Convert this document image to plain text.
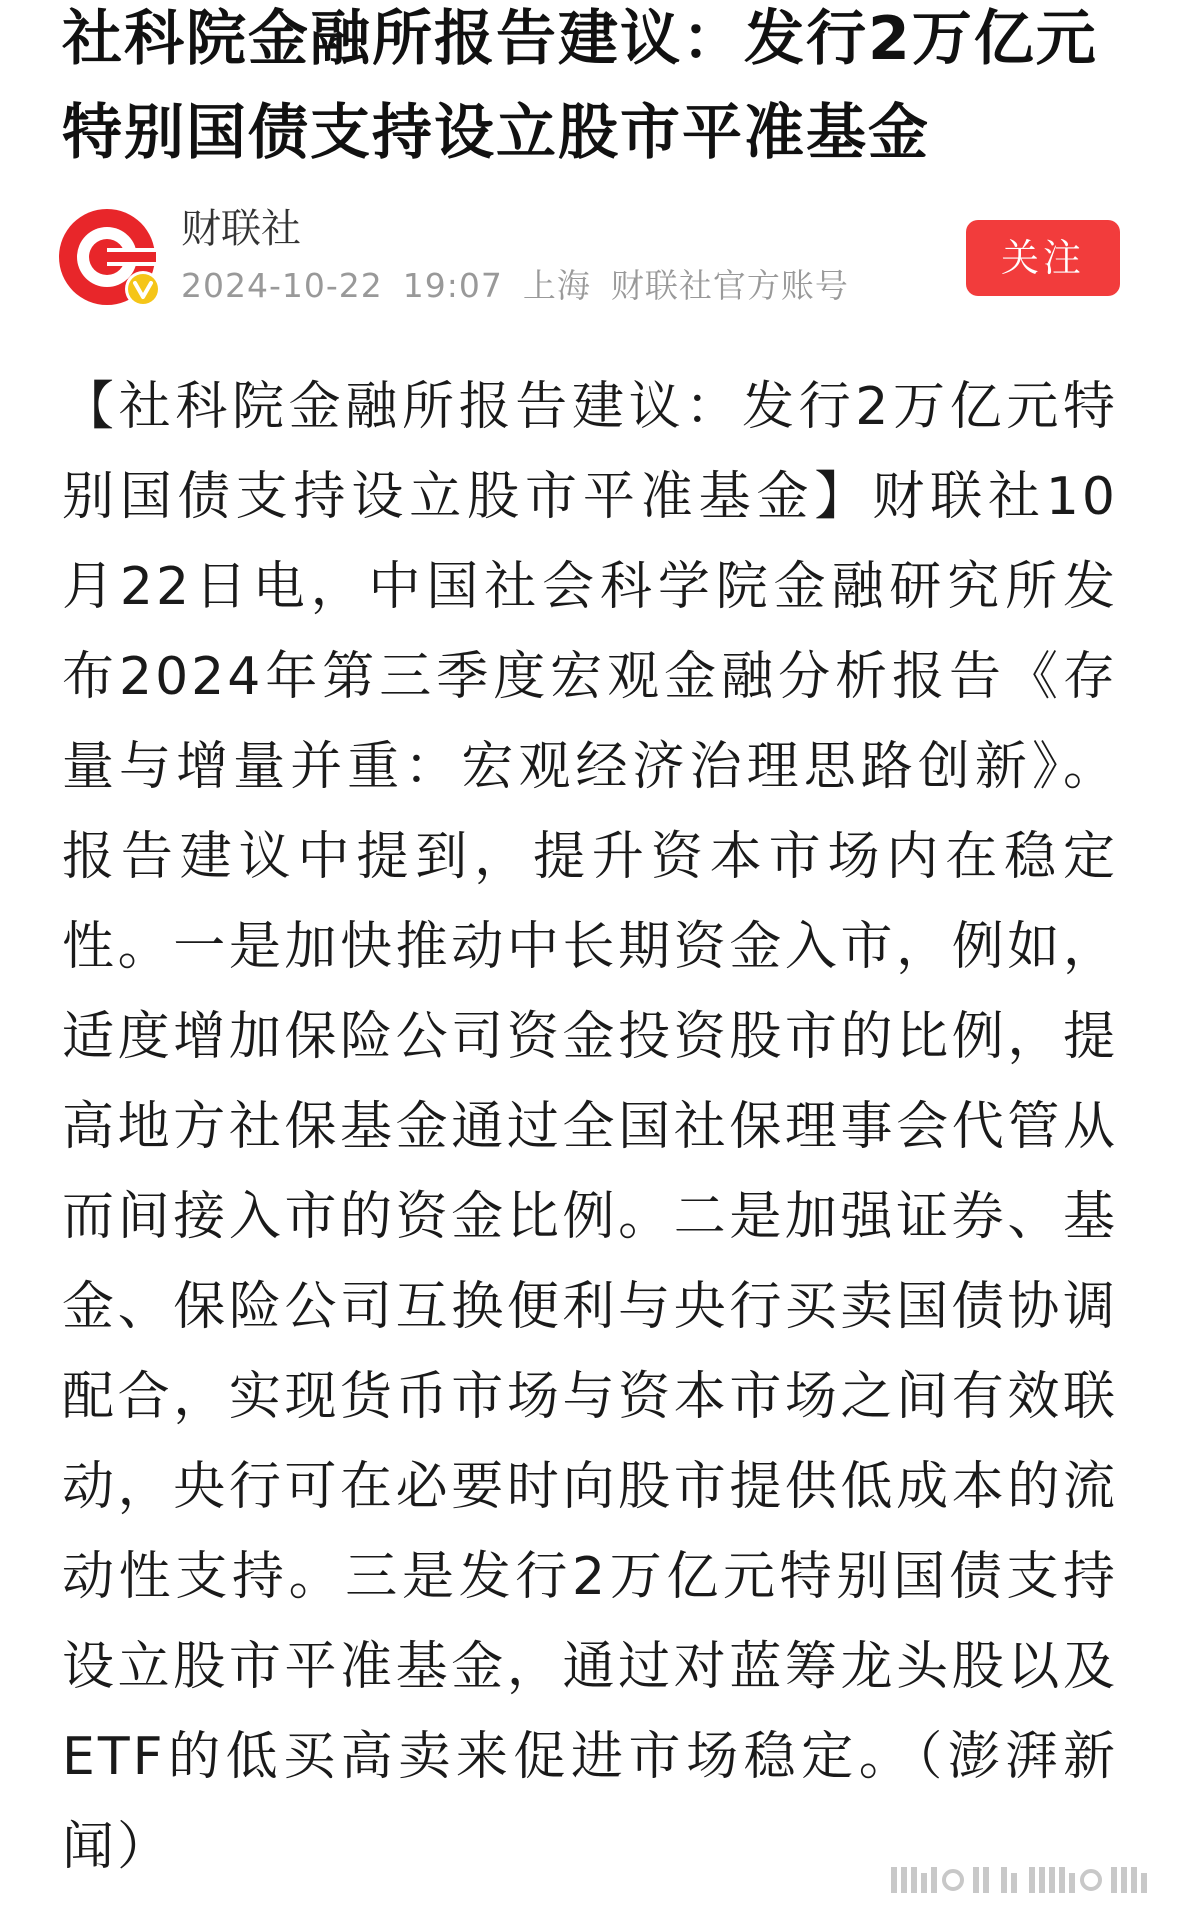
社科院金融所报告建议：发行2万亿元特别国债支持设立股市平准基金
财联社
2024-10-22 19:07 上海 财联社官方账号
关注

【社科院金融所报告建议：发行2万亿元特别国债支持设立股市平准基金】财联社10月22日电，中国社会科学院金融研究所发布2024年第三季度宏观金融分析报告《存量与增量并重：宏观经济治理思路创新》。报告建议中提到，提升资本市场内在稳定性。一是加快推动中长期资金入市，例如，适度增加保险公司资金投资股市的比例，提高地方社保基金通过全国社保理事会代管从而间接入市的资金比例。二是加强证券、基金、保险公司互换便利与央行买卖国债协调配合，实现货币市场与资本市场之间有效联动，央行可在必要时向股市提供低成本的流动性支持。三是发行2万亿元特别国债支持设立股市平准基金，通过对蓝筹龙头股以及ETF的低买高卖来促进市场稳定。（澎湃新闻）
